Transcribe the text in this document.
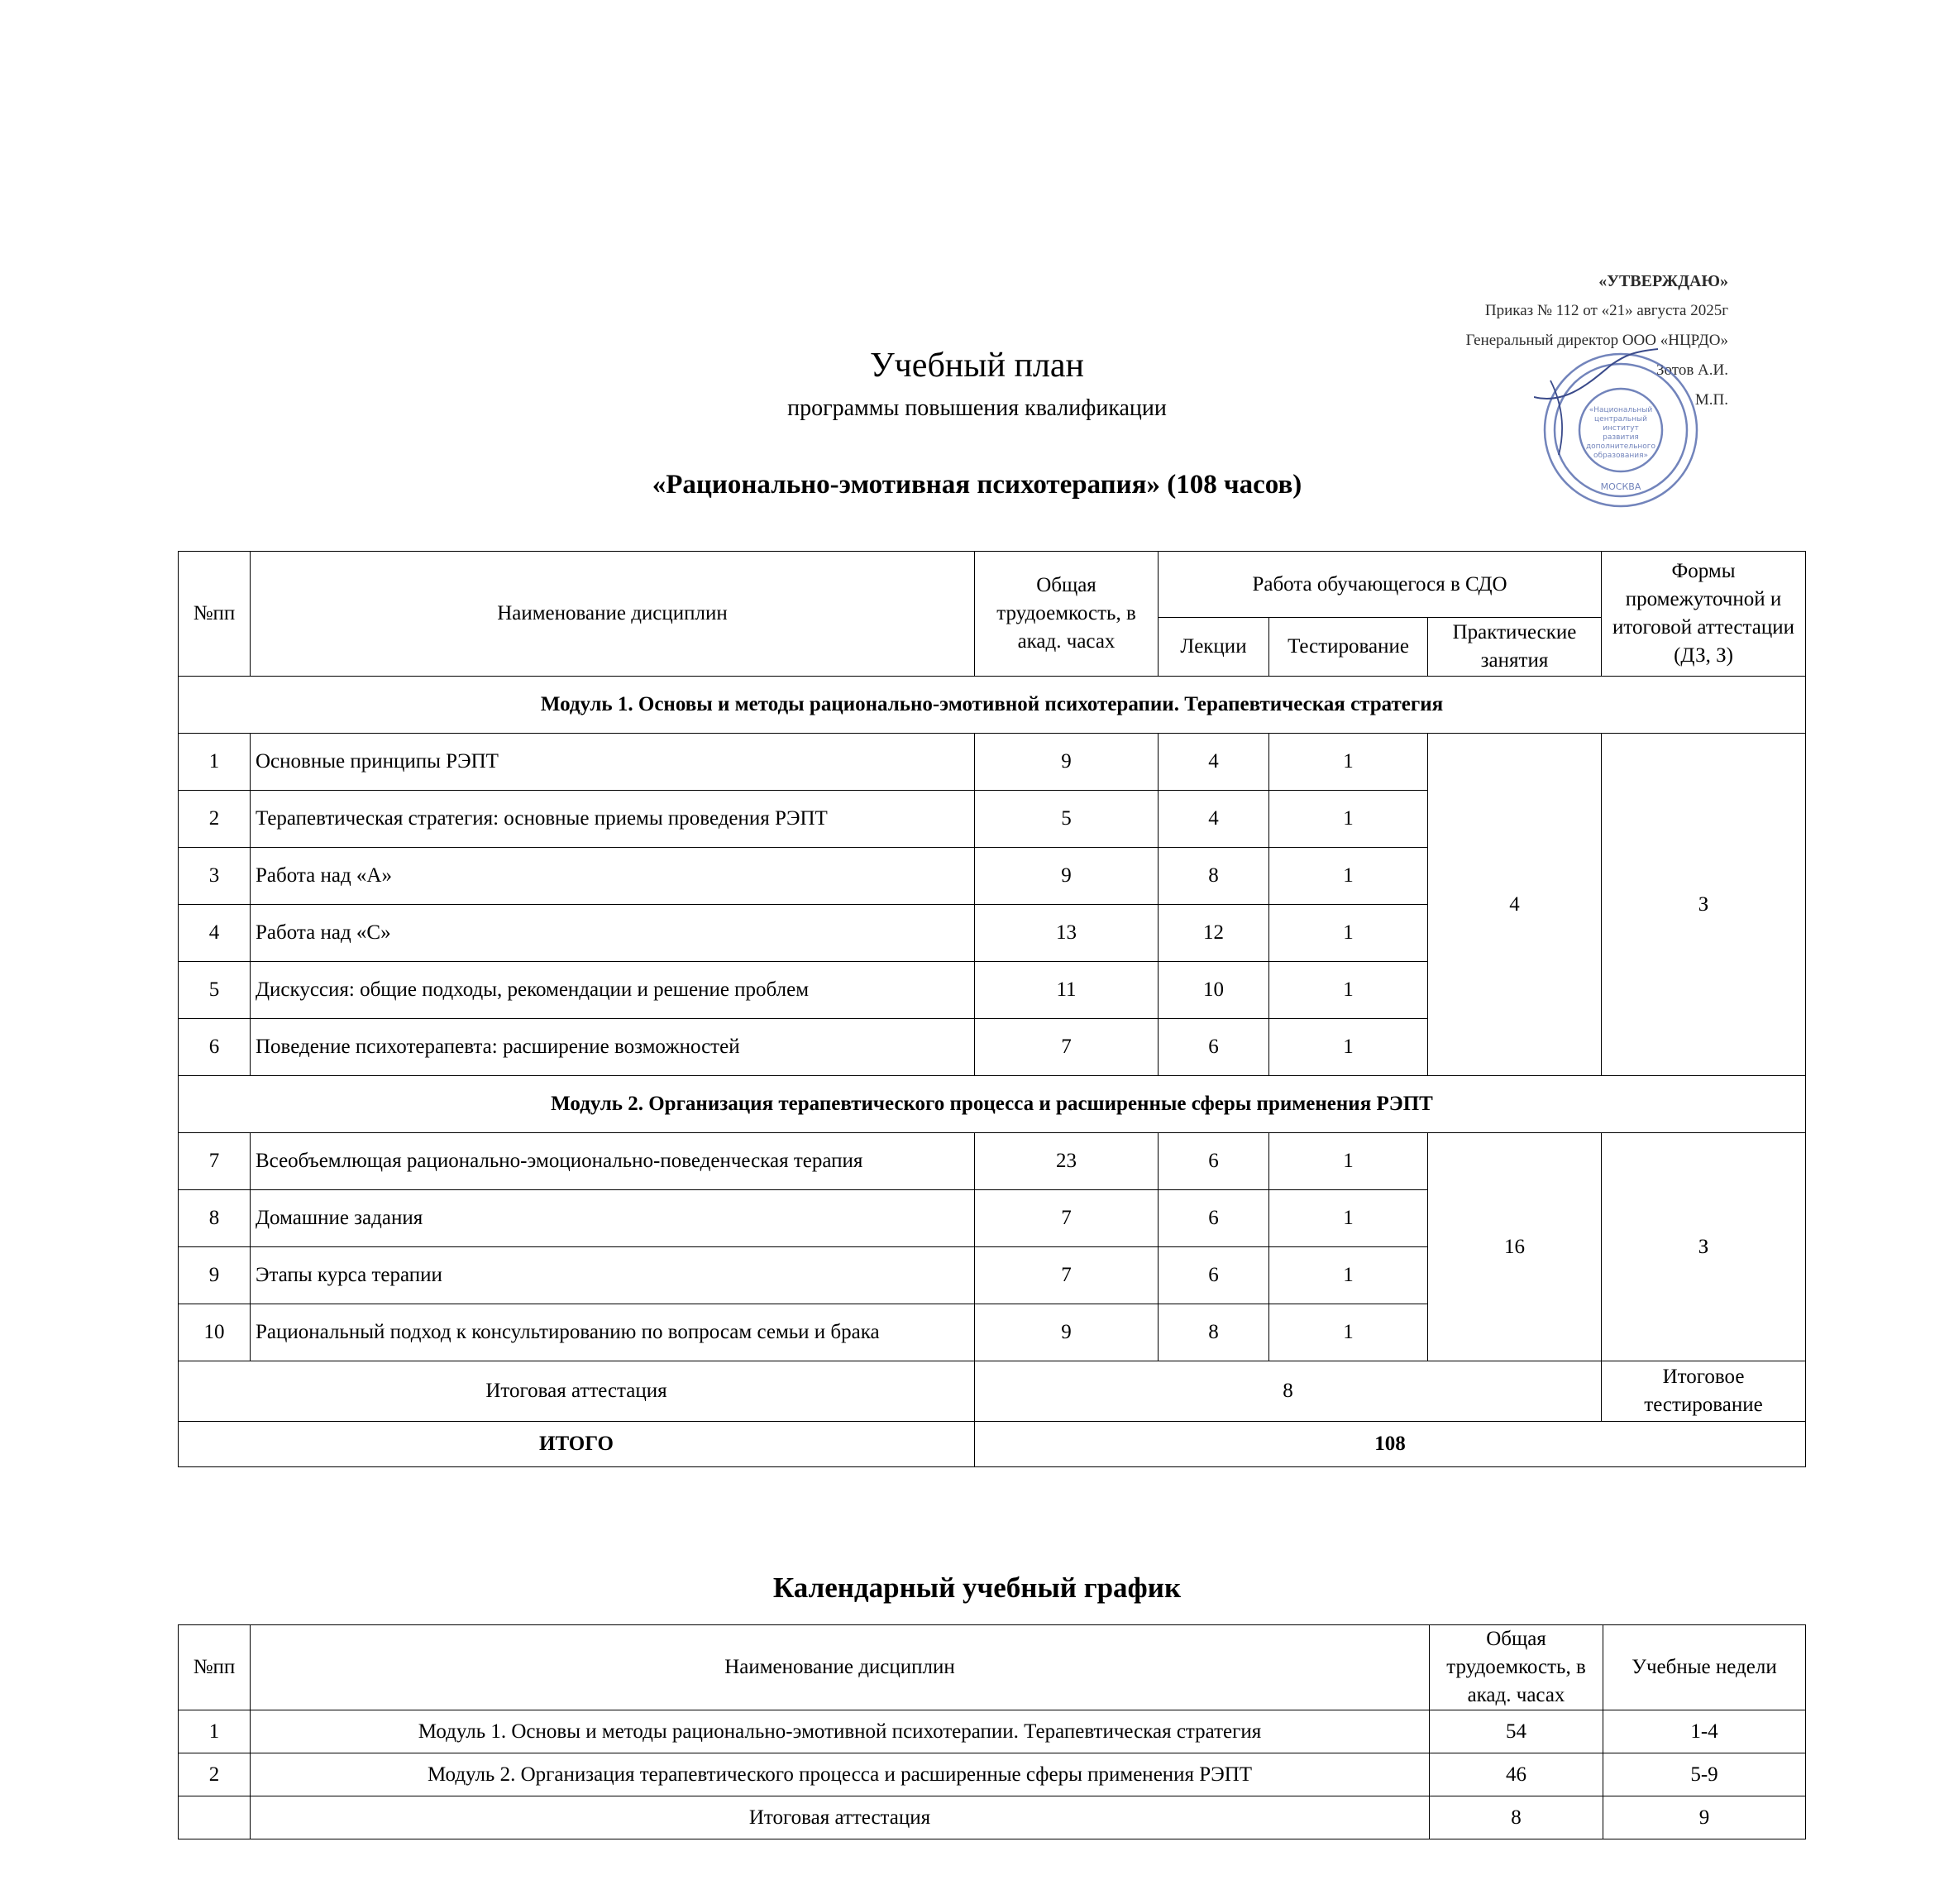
«УТВЕРЖДАЮ»
Приказ № 112 от «21» августа 2025г
Генеральный директор ООО «НЦРДО»
Зотов А.И.
М.П.
«Национальный
центральный
институт
развития
дополнительного
образования»
МОСКВА
Учебный план
программы повышения квалификации
«Рационально-эмотивная психотерапия» (108 часов)
№пп	Наименование дисциплин	Общая трудоемкость, в акад. часах	Работа обучающегося в СДО			Формы промежуточной и итоговой аттестации (ДЗ, З)
			Лекции	Тестирование	Практические занятия	
Модуль 1. Основы и методы рационально-эмотивной психотерапии. Терапевтическая стратегия						
1	Основные принципы РЭПТ	9	4	1	4	З
2	Терапевтическая стратегия: основные приемы проведения РЭПТ	5	4	1		
3	Работа над «А»	9	8	1		
4	Работа над «С»	13	12	1		
5	Дискуссия: общие подходы, рекомендации и решение проблем	11	10	1		
6	Поведение психотерапевта: расширение возможностей	7	6	1		
Модуль 2. Организация терапевтического процесса и расширенные сферы применения РЭПТ						
7	Всеобъемлющая рационально-эмоционально-поведенческая терапия	23	6	1	16	З
8	Домашние задания	7	6	1		
9	Этапы курса терапии	7	6	1		
10	Рациональный подход к консультированию по вопросам семьи и брака	9	8	1		
Итоговая аттестация		8				Итоговое тестирование
ИТОГО		108				
Календарный учебный график
№пп	Наименование дисциплин	Общая трудоемкость, в акад. часах	Учебные недели
1	Модуль 1. Основы и методы рационально-эмотивной психотерапии. Терапевтическая стратегия	54	1-4
2	Модуль 2. Организация терапевтического процесса и расширенные сферы применения РЭПТ	46	5-9
	Итоговая аттестация	8	9
